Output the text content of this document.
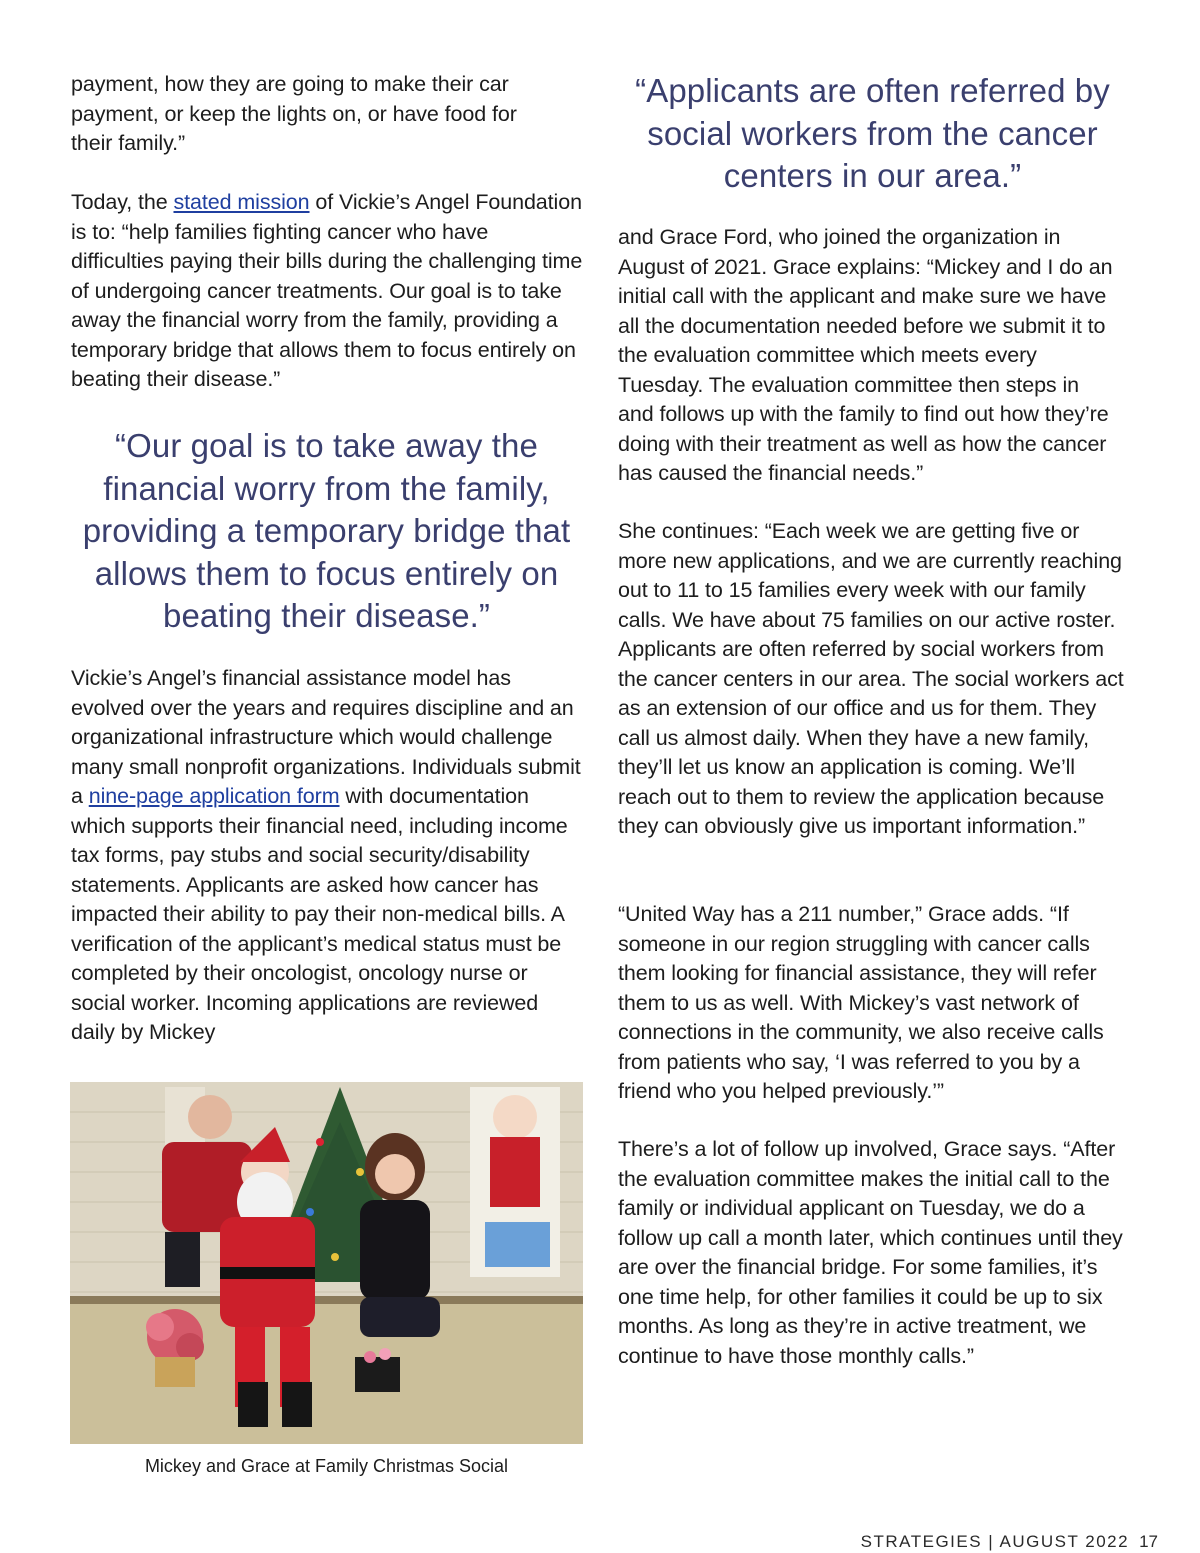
payment, how they are going to make their car payment, or keep the lights on, or have food for their family.”

Today, the stated mission of Vickie’s Angel Foundation is to: “help families fighting cancer who have difficulties paying their bills during the challenging time of undergoing cancer treatments. Our goal is to take away the financial worry from the family, providing a temporary bridge that allows them to focus entirely on beating their disease.”

“Our goal is to take away the financial worry from the family, providing a temporary bridge that allows them to focus entirely on beating their disease.”

Vickie’s Angel’s financial assistance model has evolved over the years and requires discipline and an organizational infrastructure which would challenge many small nonprofit organizations. Individuals submit a nine-page application form with documentation which supports their financial need, including income tax forms, pay stubs and social security/disability statements. Applicants are asked how cancer has impacted their ability to pay their non-medical bills. A verification of the applicant’s medical status must be completed by their oncologist, oncology nurse or social worker. Incoming applications are reviewed daily by Mickey

Mickey and Grace at Family Christmas Social
“Applicants are often referred by social workers from the cancer centers in our area.”

and Grace Ford, who joined the organization in August of 2021. Grace explains: “Mickey and I do an initial call with the applicant and make sure we have all the documentation needed before we submit it to the evaluation committee which meets every Tuesday. The evaluation committee then steps in and follows up with the family to find out how they’re doing with their treatment as well as how the cancer has caused the financial needs.”

She continues: “Each week we are getting five or more new applications, and we are currently reaching out to 11 to 15 families every week with our family calls. We have about 75 families on our active roster. Applicants are often referred by social workers from the cancer centers in our area. The social workers act as an extension of our office and us for them. They call us almost daily. When they have a new family, they’ll let us know an application is coming. We’ll reach out to them to review the application because they can obviously give us important information.”

“United Way has a 211 number,” Grace adds. “If someone in our region struggling with cancer calls them looking for financial assistance, they will refer them to us as well. With Mickey’s vast network of connections in the community, we also receive calls from patients who say, ‘I was referred to you by a friend who you helped previously.’”

There’s a lot of follow up involved, Grace says. “After the evaluation committee makes the initial call to the family or individual applicant on Tuesday, we do a follow up call a month later, which continues until they are over the financial bridge. For some families, it’s one time help, for other families it could be up to six months. As long as they’re in active treatment, we continue to have those monthly calls.”

STRATEGIES | AUGUST 2022 17
